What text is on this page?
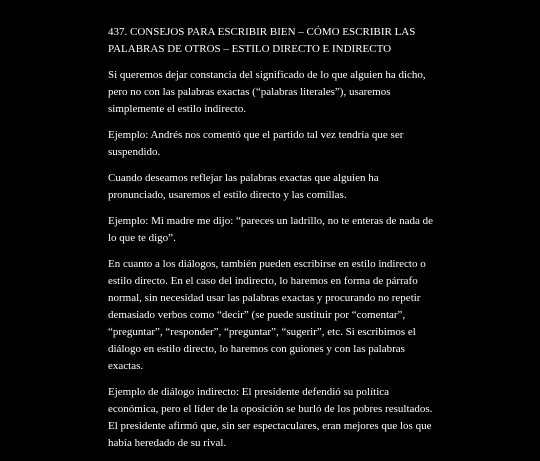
437. CONSEJOS PARA ESCRIBIR BIEN – CÓMO ESCRIBIR LAS PALABRAS DE OTROS – ESTILO DIRECTO E INDIRECTO

Si queremos dejar constancia del significado de lo que alguien ha dicho, pero no con las palabras exactas (“palabras literales”), usaremos simplemente el estilo indirecto.

Ejemplo: Andrés nos comentó que el partido tal vez tendría que ser suspendido.

Cuando deseamos reflejar las palabras exactas que alguien ha pronunciado, usaremos el estilo directo y las comillas.

Ejemplo: Mi madre me dijo: “pareces un ladrillo, no te enteras de nada de lo que te digo”.

En cuanto a los diálogos, también pueden escribirse en estilo indirecto o estilo directo. En el caso del indirecto, lo haremos en forma de párrafo normal, sin necesidad usar las palabras exactas y procurando no repetir demasiado verbos como “decir” (se puede sustituir por “comentar”, “preguntar”, “responder”, “preguntar”, “sugerir”, etc. Si escribimos el diálogo en estilo directo, lo haremos con guiones y con las palabras exactas.

Ejemplo de diálogo indirecto: El presidente defendió su política económica, pero el líder de la oposición se burló de los pobres resultados. El presidente afirmó que, sin ser espectaculares, eran mejores que los que había heredado de su rival.
